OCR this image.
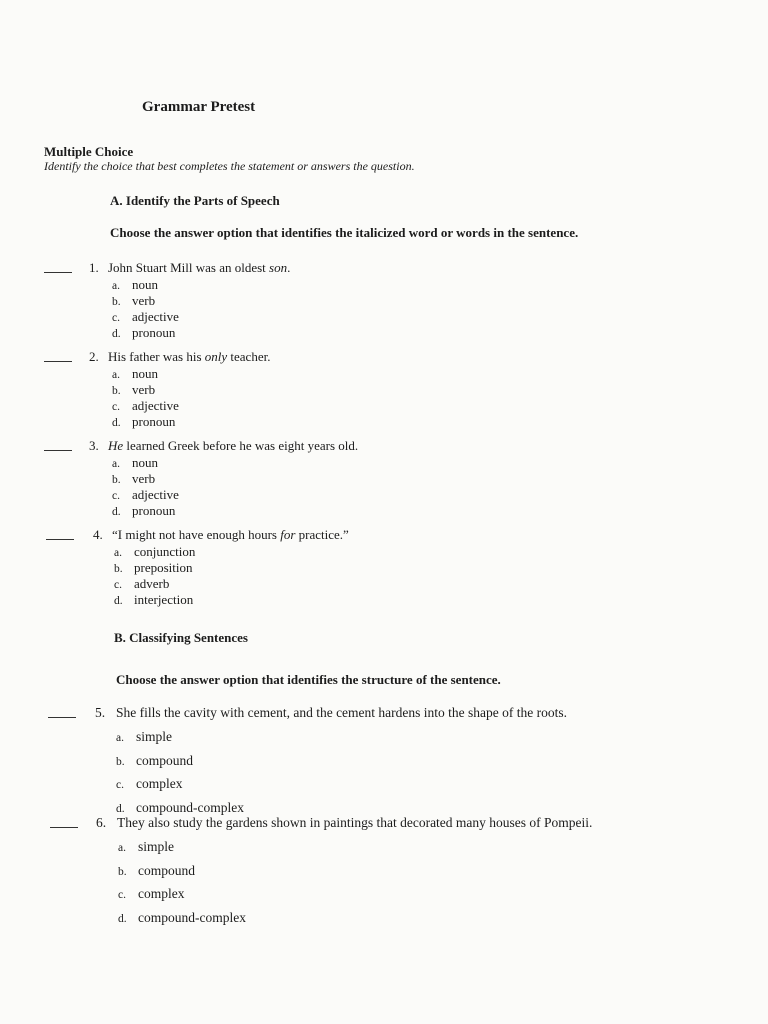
Grammar Pretest
Multiple Choice
Identify the choice that best completes the statement or answers the question.
A. Identify the Parts of Speech
Choose the answer option that identifies the italicized word or words in the sentence.
1. John Stuart Mill was an oldest son.
a. noun
b. verb
c. adjective
d. pronoun
2. His father was his only teacher.
a. noun
b. verb
c. adjective
d. pronoun
3. He learned Greek before he was eight years old.
a. noun
b. verb
c. adjective
d. pronoun
4. “I might not have enough hours for practice.”
a. conjunction
b. preposition
c. adverb
d. interjection
B. Classifying Sentences
Choose the answer option that identifies the structure of the sentence.
5. She fills the cavity with cement, and the cement hardens into the shape of the roots.
a. simple
b. compound
c. complex
d. compound-complex
6. They also study the gardens shown in paintings that decorated many houses of Pompeii.
a. simple
b. compound
c. complex
d. compound-complex
